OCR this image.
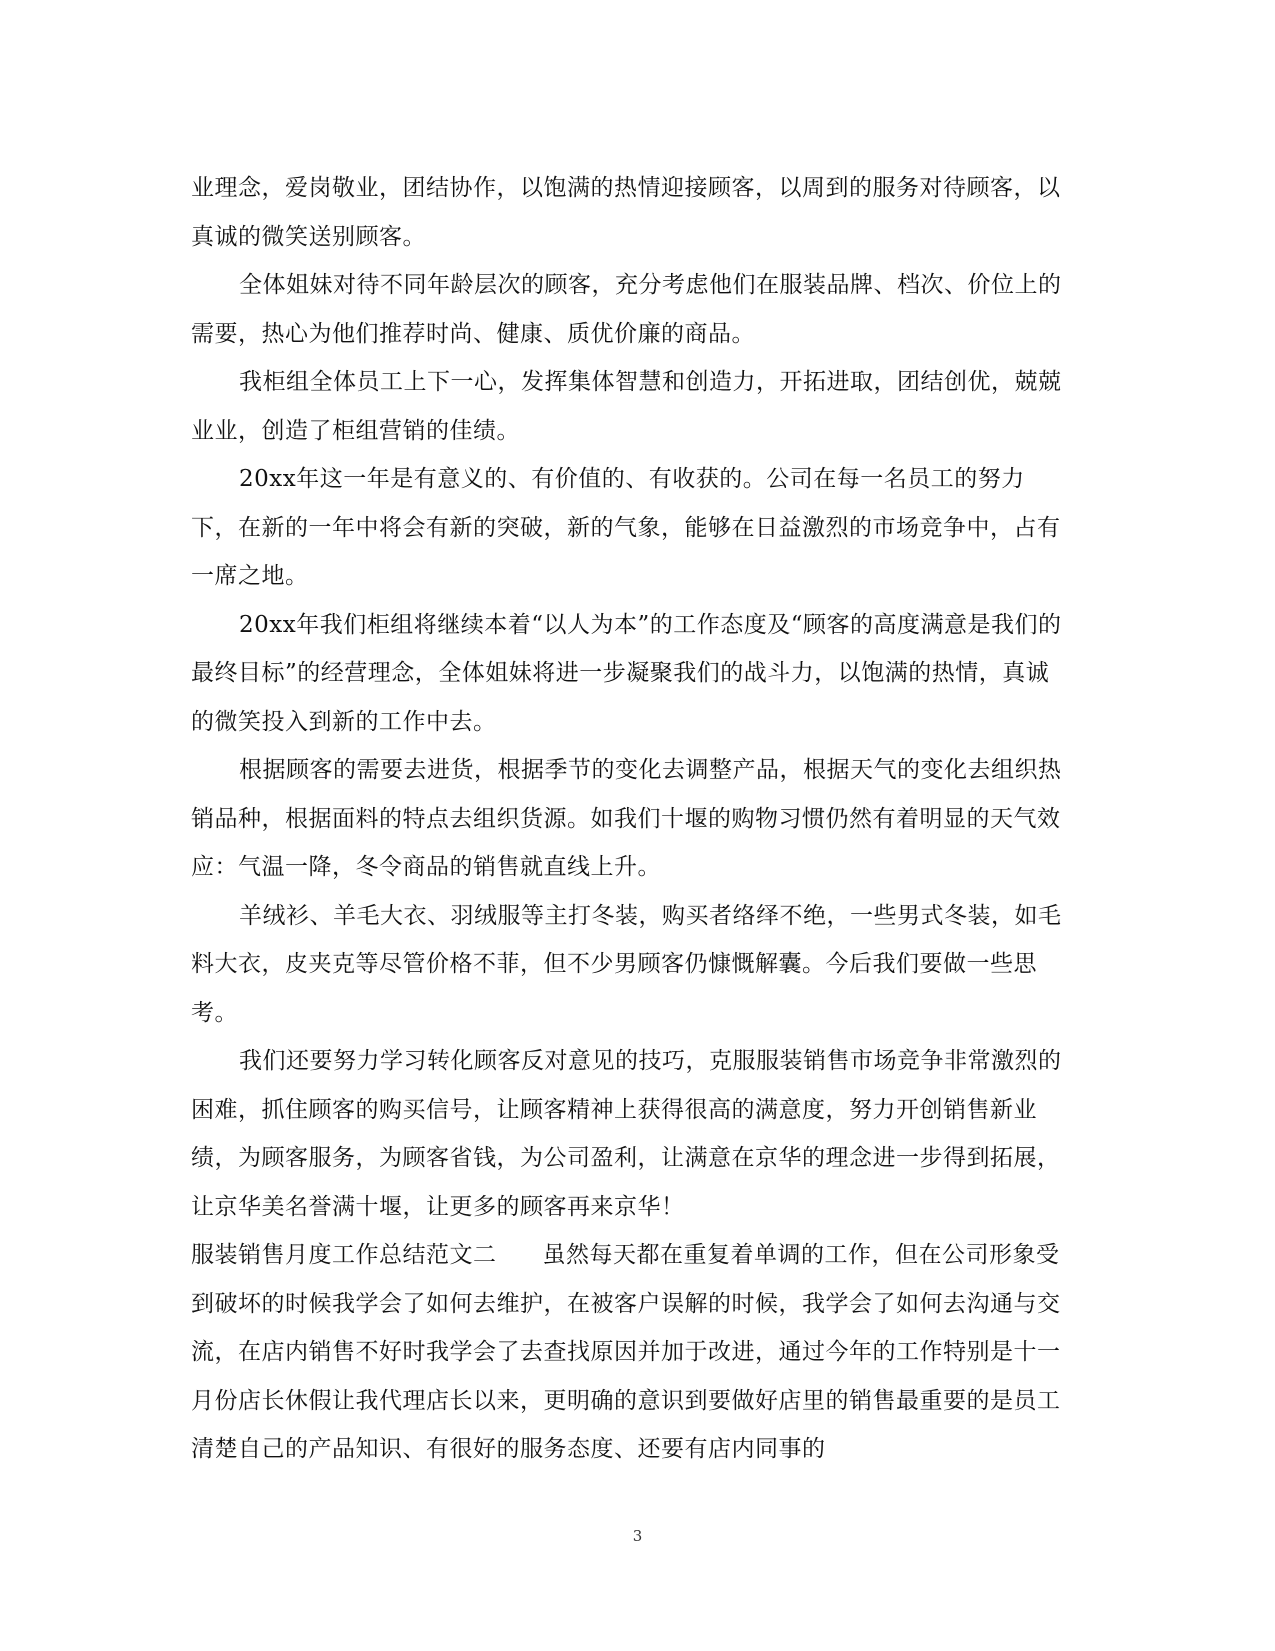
业理念，爱岗敬业，团结协作，以饱满的热情迎接顾客，以周到的服务对待顾客，以真诚的微笑送别顾客。

全体姐妹对待不同年龄层次的顾客，充分考虑他们在服装品牌、档次、价位上的需要，热心为他们推荐时尚、健康、质优价廉的商品。

我柜组全体员工上下一心，发挥集体智慧和创造力，开拓进取，团结创优，兢兢业业，创造了柜组营销的佳绩。

20xx年这一年是有意义的、有价值的、有收获的。公司在每一名员工的努力下，在新的一年中将会有新的突破，新的气象，能够在日益激烈的市场竞争中，占有一席之地。

20xx年我们柜组将继续本着“以人为本”的工作态度及“顾客的高度满意是我们的最终目标”的经营理念，全体姐妹将进一步凝聚我们的战斗力，以饱满的热情，真诚的微笑投入到新的工作中去。

根据顾客的需要去进货，根据季节的变化去调整产品，根据天气的变化去组织热销品种，根据面料的特点去组织货源。如我们十堰的购物习惯仍然有着明显的天气效应：气温一降，冬令商品的销售就直线上升。

羊绒衫、羊毛大衣、羽绒服等主打冬装，购买者络绎不绝，一些男式冬装，如毛料大衣，皮夹克等尽管价格不菲，但不少男顾客仍慷慨解囊。今后我们要做一些思考。

我们还要努力学习转化顾客反对意见的技巧，克服服装销售市场竞争非常激烈的困难，抓住顾客的购买信号，让顾客精神上获得很高的满意度，努力开创销售新业绩，为顾客服务，为顾客省钱，为公司盈利，让满意在京华的理念进一步得到拓展，让京华美名誉满十堰，让更多的顾客再来京华！

服装销售月度工作总结范文二 虽然每天都在重复着单调的工作，但在公司形象受到破坏的时候我学会了如何去维护，在被客户误解的时候，我学会了如何去沟通与交流，在店内销售不好时我学会了去查找原因并加于改进，通过今年的工作特别是十一月份店长休假让我代理店长以来，更明确的意识到要做好店里的销售最重要的是员工清楚自己的产品知识、有很好的服务态度、还要有店内同事的

3
